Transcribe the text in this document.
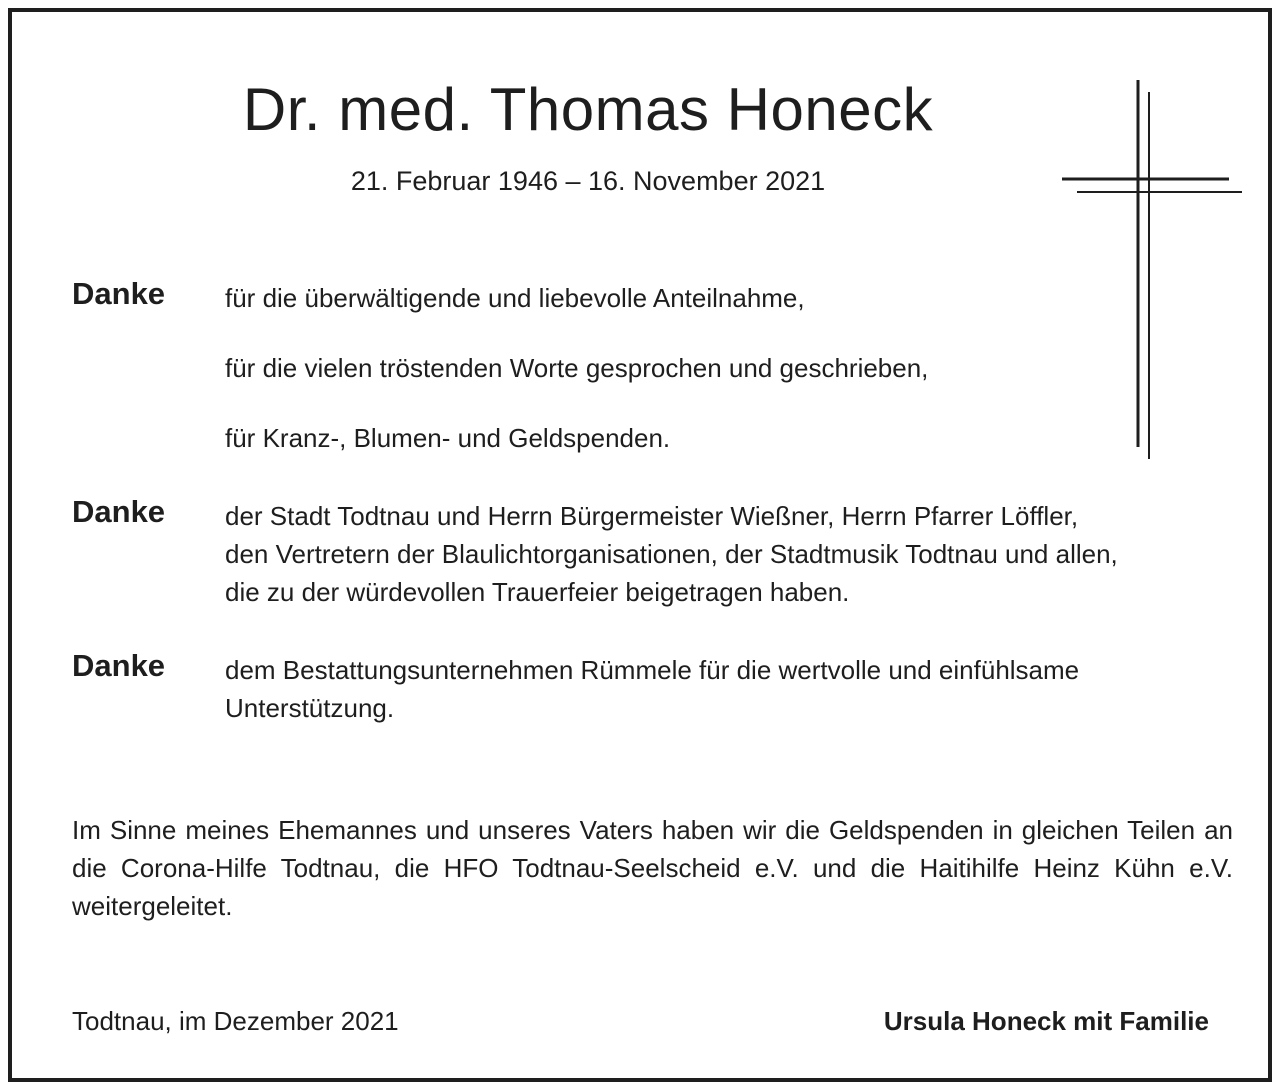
Dr. med. Thomas Honeck
21. Februar 1946 – 16. November 2021
Danke für die überwältigende und liebevolle Anteilnahme,
für die vielen tröstenden Worte gesprochen und geschrieben,
für Kranz-, Blumen- und Geldspenden.
Danke der Stadt Todtnau und Herrn Bürgermeister Wießner, Herrn Pfarrer Löffler,
den Vertretern der Blaulichtorganisationen, der Stadtmusik Todtnau und allen,
die zu der würdevollen Trauerfeier beigetragen haben.
Danke dem Bestattungsunternehmen Rümmele für die wertvolle und einfühlsame
Unterstützung.
Im Sinne meines Ehemannes und unseres Vaters haben wir die Geldspenden in gleichen Teilen an die Corona-Hilfe Todtnau, die HFO Todtnau-Seelscheid e.V. und die Haitihilfe Heinz Kühn e.V. weitergeleitet.
Todtnau, im Dezember 2021	Ursula Honeck mit Familie
